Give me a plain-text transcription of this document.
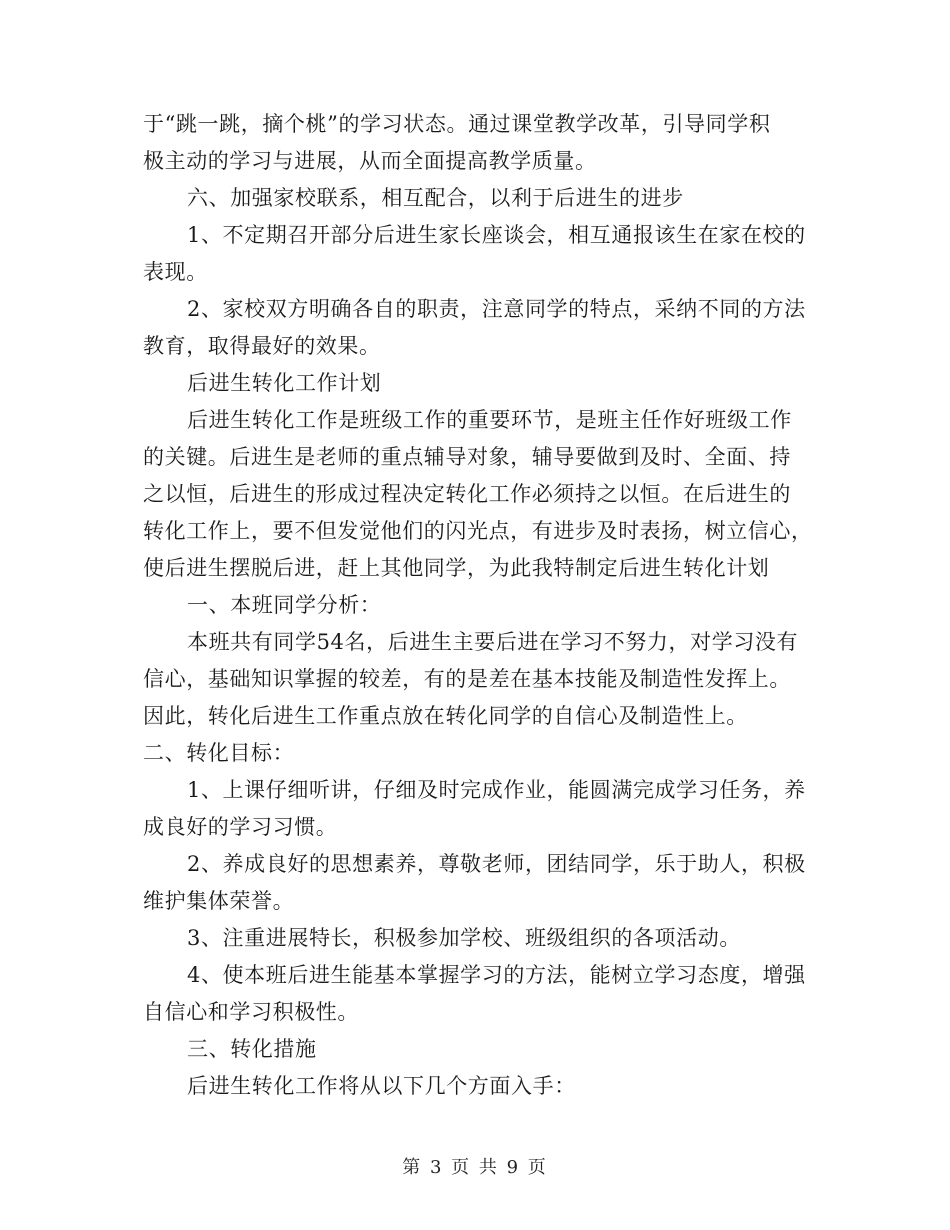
于“跳一跳，摘个桃”的学习状态。通过课堂教学改革，引导同学积
极主动的学习与进展，从而全面提高教学质量。

六、加强家校联系，相互配合，以利于后进生的进步

1、不定期召开部分后进生家长座谈会，相互通报该生在家在校的
表现。

2、家校双方明确各自的职责，注意同学的特点，采纳不同的方法
教育，取得最好的效果。

后进生转化工作计划

后进生转化工作是班级工作的重要环节，是班主任作好班级工作
的关键。后进生是老师的重点辅导对象，辅导要做到及时、全面、持
之以恒，后进生的形成过程决定转化工作必须持之以恒。在后进生的
转化工作上，要不但发觉他们的闪光点，有进步及时表扬，树立信心，
使后进生摆脱后进，赶上其他同学，为此我特制定后进生转化计划

一、本班同学分析：

本班共有同学54名，后进生主要后进在学习不努力，对学习没有
信心，基础知识掌握的较差，有的是差在基本技能及制造性发挥上。
因此，转化后进生工作重点放在转化同学的自信心及制造性上。

二、转化目标：

1、上课仔细听讲，仔细及时完成作业，能圆满完成学习任务，养
成良好的学习习惯。

2、养成良好的思想素养，尊敬老师，团结同学，乐于助人，积极
维护集体荣誉。

3、注重进展特长，积极参加学校、班级组织的各项活动。

4、使本班后进生能基本掌握学习的方法，能树立学习态度，增强
自信心和学习积极性。

三、转化措施

后进生转化工作将从以下几个方面入手：

第 3 页 共 9 页
